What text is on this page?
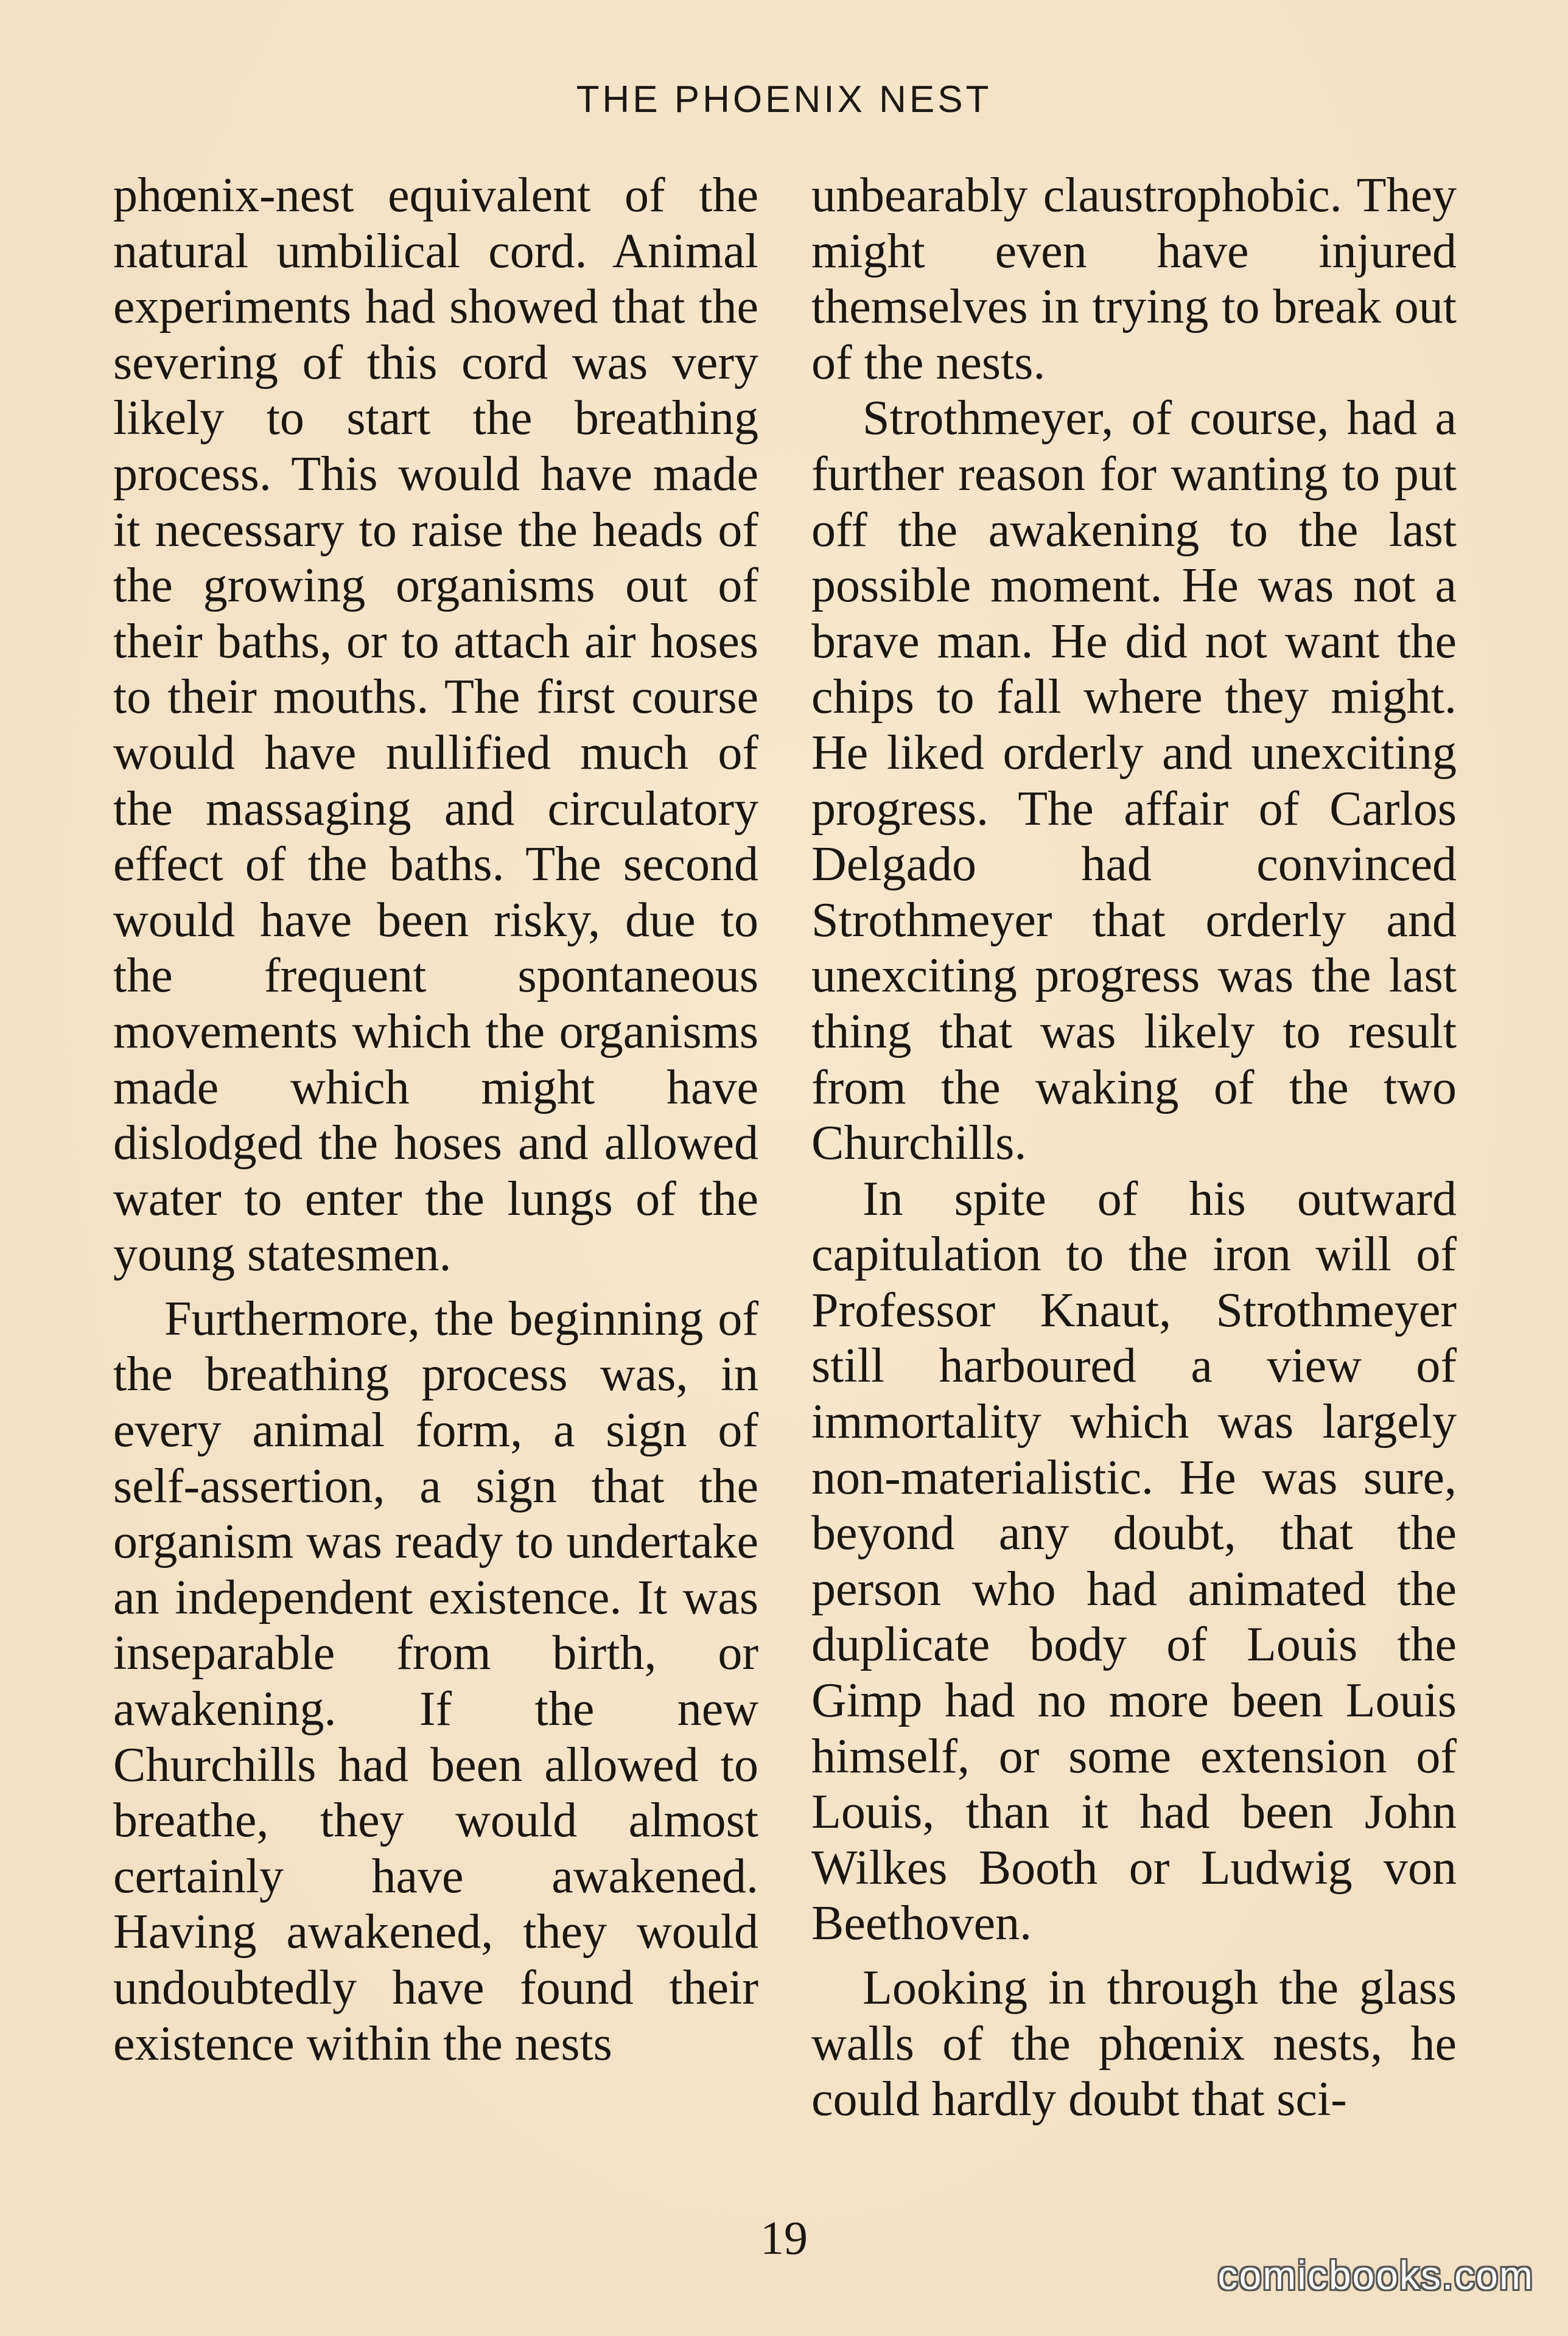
THE PHOENIX NEST

phœnix-nest equivalent of the natural umbilical cord. Animal experiments had showed that the severing of this cord was very likely to start the breathing process. This would have made it necessary to raise the heads of the growing organisms out of their baths, or to attach air hoses to their mouths. The first course would have nullified much of the massaging and circulatory effect of the baths. The second would have been risky, due to the frequent spontaneous movements which the organisms made which might have dislodged the hoses and allowed water to enter the lungs of the young statesmen.

Furthermore, the beginning of the breathing process was, in every animal form, a sign of self-assertion, a sign that the organism was ready to undertake an independent existence. It was inseparable from birth, or awakening. If the new Churchills had been allowed to breathe, they would almost certainly have awakened. Having awakened, they would undoubtedly have found their existence within the nests

unbearably claustrophobic. They might even have injured themselves in trying to break out of the nests.

Strothmeyer, of course, had a further reason for wanting to put off the awakening to the last possible moment. He was not a brave man. He did not want the chips to fall where they might. He liked orderly and unexciting progress. The affair of Carlos Delgado had convinced Strothmeyer that orderly and unexciting progress was the last thing that was likely to result from the waking of the two Churchills.

In spite of his outward capitulation to the iron will of Professor Knaut, Strothmeyer still harboured a view of immortality which was largely non-materialistic. He was sure, beyond any doubt, that the person who had animated the duplicate body of Louis the Gimp had no more been Louis himself, or some extension of Louis, than it had been John Wilkes Booth or Ludwig von Beethoven.

Looking in through the glass walls of the phœnix nests, he could hardly doubt that sci-

19
comicbooks.com
